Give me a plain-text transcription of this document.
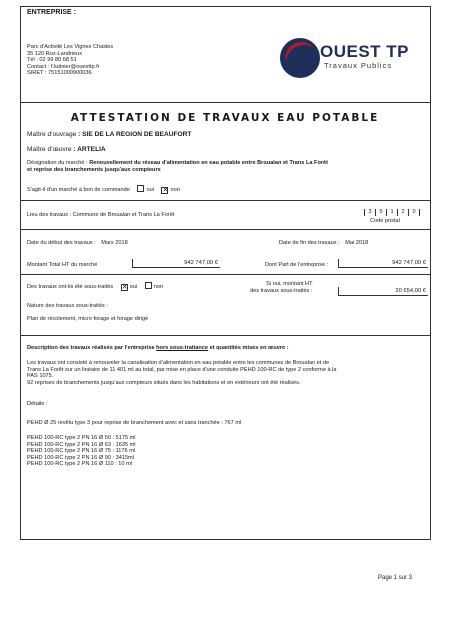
ENTREPRISE :
Parc d'Activité Les Vignes Chasles
35 120 Roz-Landrieux
Tél : 02 99 80 68 51
Contact : f.lutinier@ouesttp.fr
SIRET : 75151000900036
OUEST TP
Travaux Publics
ATTESTATION DE TRAVAUX EAU POTABLE
Maître d'ouvrage : SIE DE LA REGION DE BEAUFORT
Maître d'œuvre : ARTELIA
Désignation du marché : Renouvellement du réseau d'alimentation en eau potable entre Broualan et Trans La Forêt
et reprise des branchements jusqu'aux compteurs
S'agit-il d'un marché à bon de commande	oui ✕ non
Lieu des travaux : Commune de Broualan et Trans La Forêt	3	5	1	2	0
Code postal
Date du début des travaux : Mars 2018	Date de fin des travaux : Mai 2018
Montant Total HT du marché	942 747,00 €	Dont Part de l'entreprise :	942 747,00 €
Des travaux ont-ils été sous-traités ✕ oui	non	Si oui, montant HT
des travaux sous-traités :	20 654,00 €
Nature des travaux sous-traités :
Plan de récolement, micro forage et forage dirigé
Description des travaux réalisés par l'entreprise hors sous-traitance et quantités mises en œuvre :
Les travaux ont consisté à renouveler la canalisation d'alimentation en eau potable entre les communes de Broualan et de
Trans La Forêt sur un linéaire de 11 401 ml au total, par mise en place d'une conduite PEHD 100-RC de type 2 conforme à la
PAS 1075.
92 reprises de branchements jusqu'aux compteurs situés dans les habitations et en extérieurs ont été réalisés.
Détaile :
PEHD Ø 25 revêtu type 3 pour reprise de branchement avec et sans tranchée : 767 ml
PEHD 100-RC type 2 PN 16 Ø 50 : 5175 ml
PEHD 100-RC type 2 PN 16 Ø 63 : 1635 ml
PEHD 100-RC type 2 PN 16 Ø 75 : 1176 ml
PEHD 100-RC type 2 PN 16 Ø 90 : 3415ml
PEHD 100-RC type 2 PN 16 Ø 110 : 10 ml
Page 1 sur 3
